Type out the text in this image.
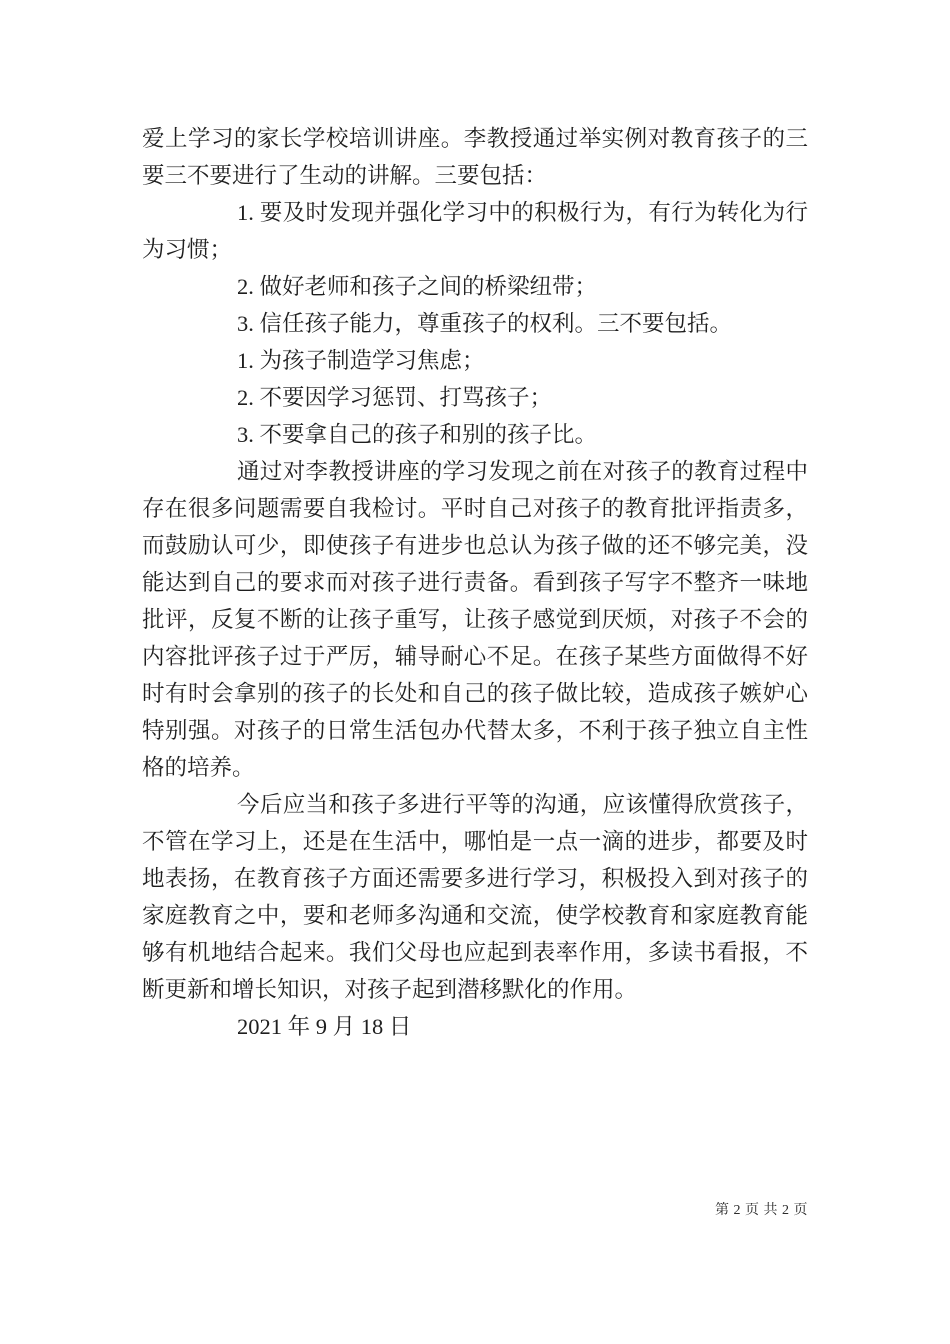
爱上学习的家长学校培训讲座。李教授通过举实例对教育孩子的三要三不要进行了生动的讲解。三要包括：

1. 要及时发现并强化学习中的积极行为，有行为转化为行为习惯；

2. 做好老师和孩子之间的桥梁纽带；

3. 信任孩子能力，尊重孩子的权利。三不要包括。

1. 为孩子制造学习焦虑；

2. 不要因学习惩罚、打骂孩子；

3. 不要拿自己的孩子和别的孩子比。

通过对李教授讲座的学习发现之前在对孩子的教育过程中存在很多问题需要自我检讨。平时自己对孩子的教育批评指责多，而鼓励认可少，即使孩子有进步也总认为孩子做的还不够完美，没能达到自己的要求而对孩子进行责备。看到孩子写字不整齐一味地批评，反复不断的让孩子重写，让孩子感觉到厌烦，对孩子不会的内容批评孩子过于严厉，辅导耐心不足。在孩子某些方面做得不好时有时会拿别的孩子的长处和自己的孩子做比较，造成孩子嫉妒心特别强。对孩子的日常生活包办代替太多，不利于孩子独立自主性格的培养。

今后应当和孩子多进行平等的沟通，应该懂得欣赏孩子，不管在学习上，还是在生活中，哪怕是一点一滴的进步，都要及时地表扬，在教育孩子方面还需要多进行学习，积极投入到对孩子的家庭教育之中，要和老师多沟通和交流，使学校教育和家庭教育能够有机地结合起来。我们父母也应起到表率作用，多读书看报，不断更新和增长知识，对孩子起到潜移默化的作用。

2021 年 9 月 18 日

第 2 页 共 2 页
